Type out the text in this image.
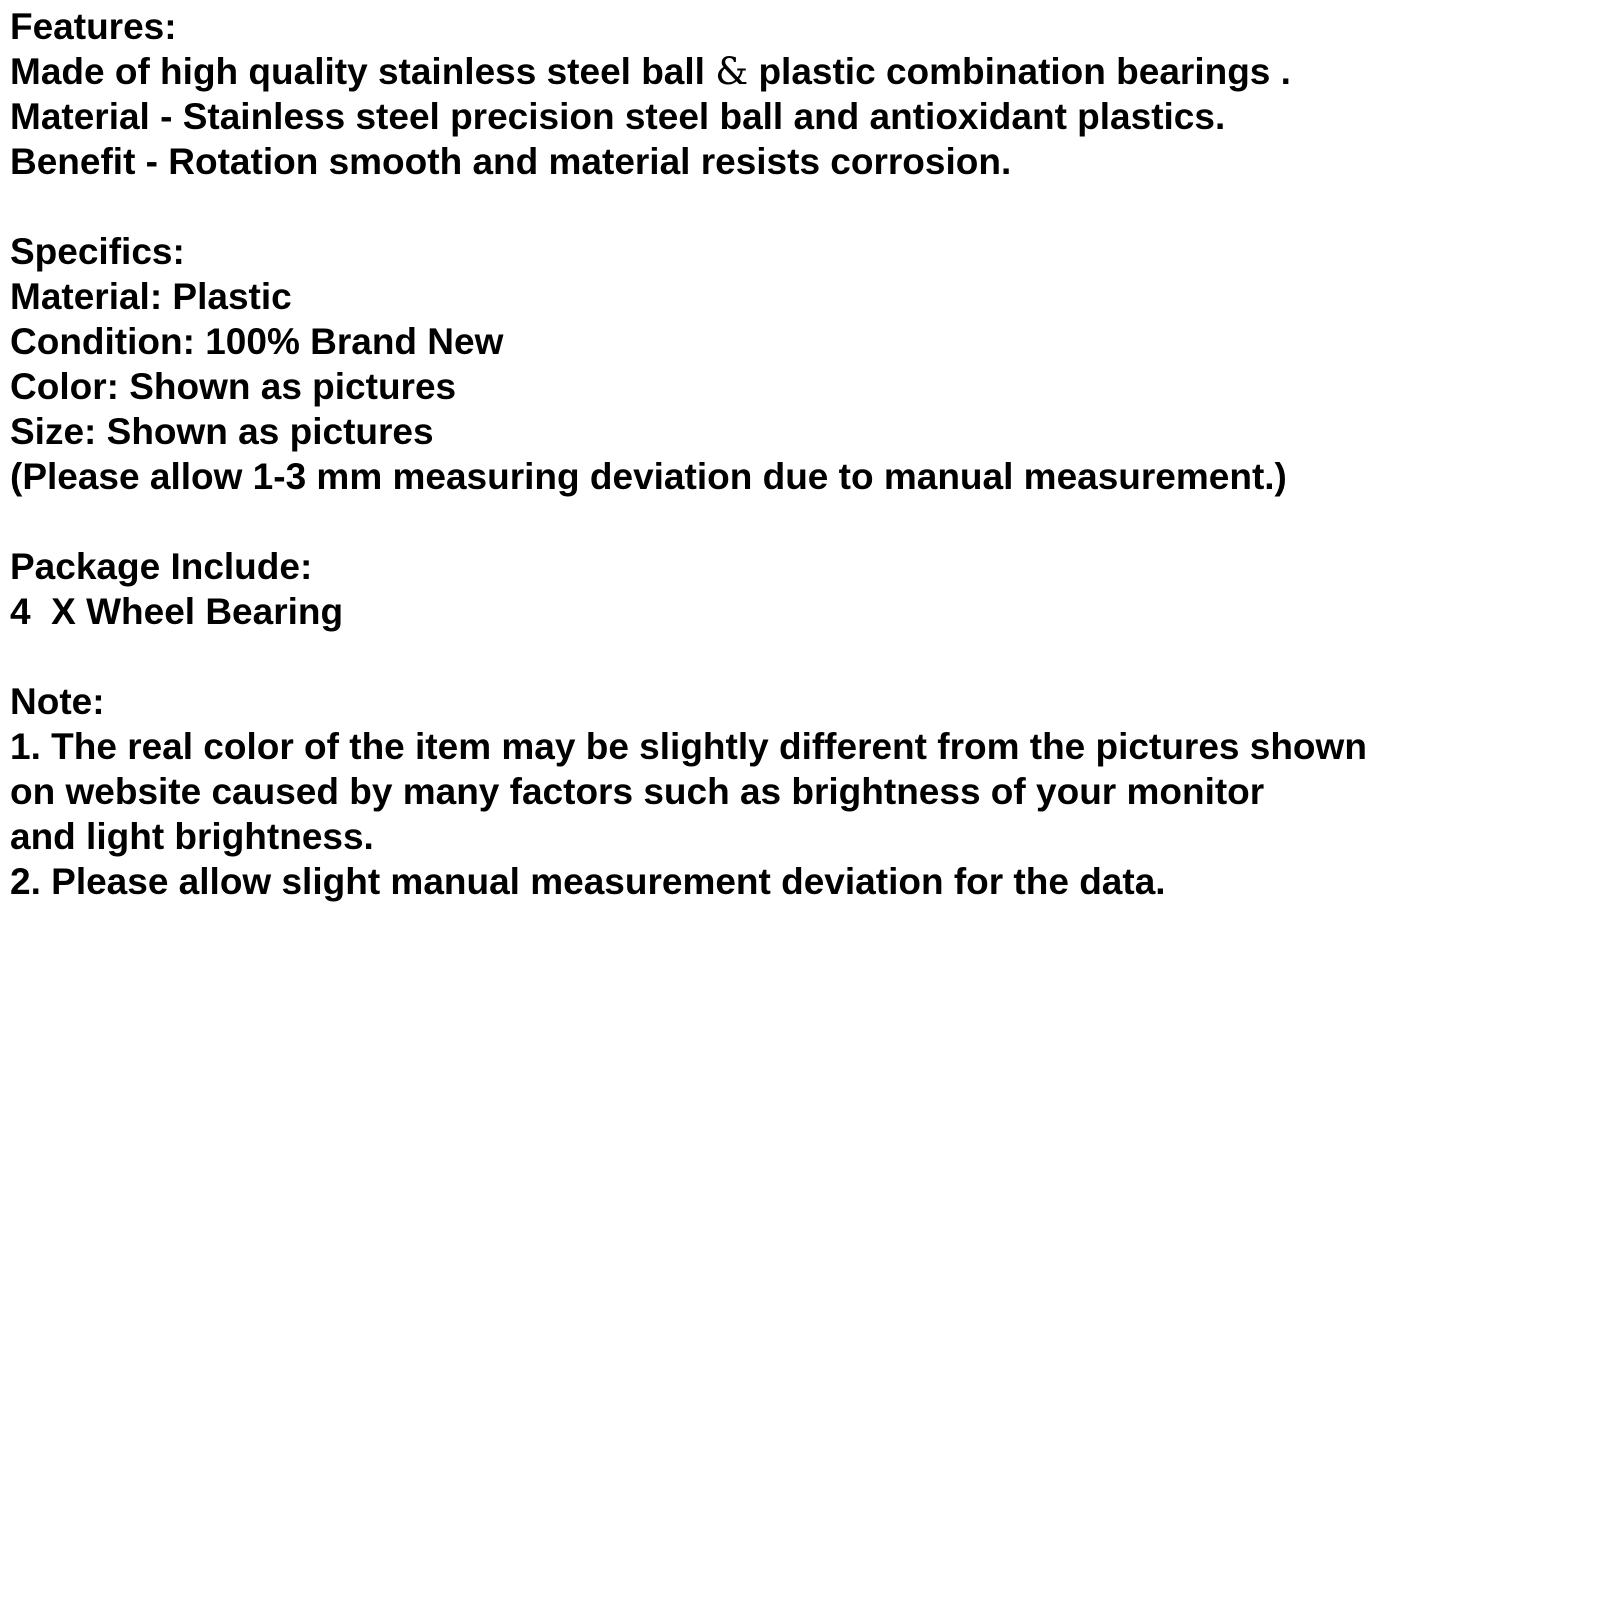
Features:
Made of high quality stainless steel ball & plastic combination bearings .
Material - Stainless steel precision steel ball and antioxidant plastics.
Benefit - Rotation smooth and material resists corrosion.
Specifics:
Material: Plastic
Condition: 100% Brand New
Color: Shown as pictures
Size: Shown as pictures
(Please allow 1-3 mm measuring deviation due to manual measurement.)
Package Include:
4  X Wheel Bearing
Note:
1. The real color of the item may be slightly different from the pictures shown
on website caused by many factors such as brightness of your monitor
and light brightness.
2. Please allow slight manual measurement deviation for the data.
